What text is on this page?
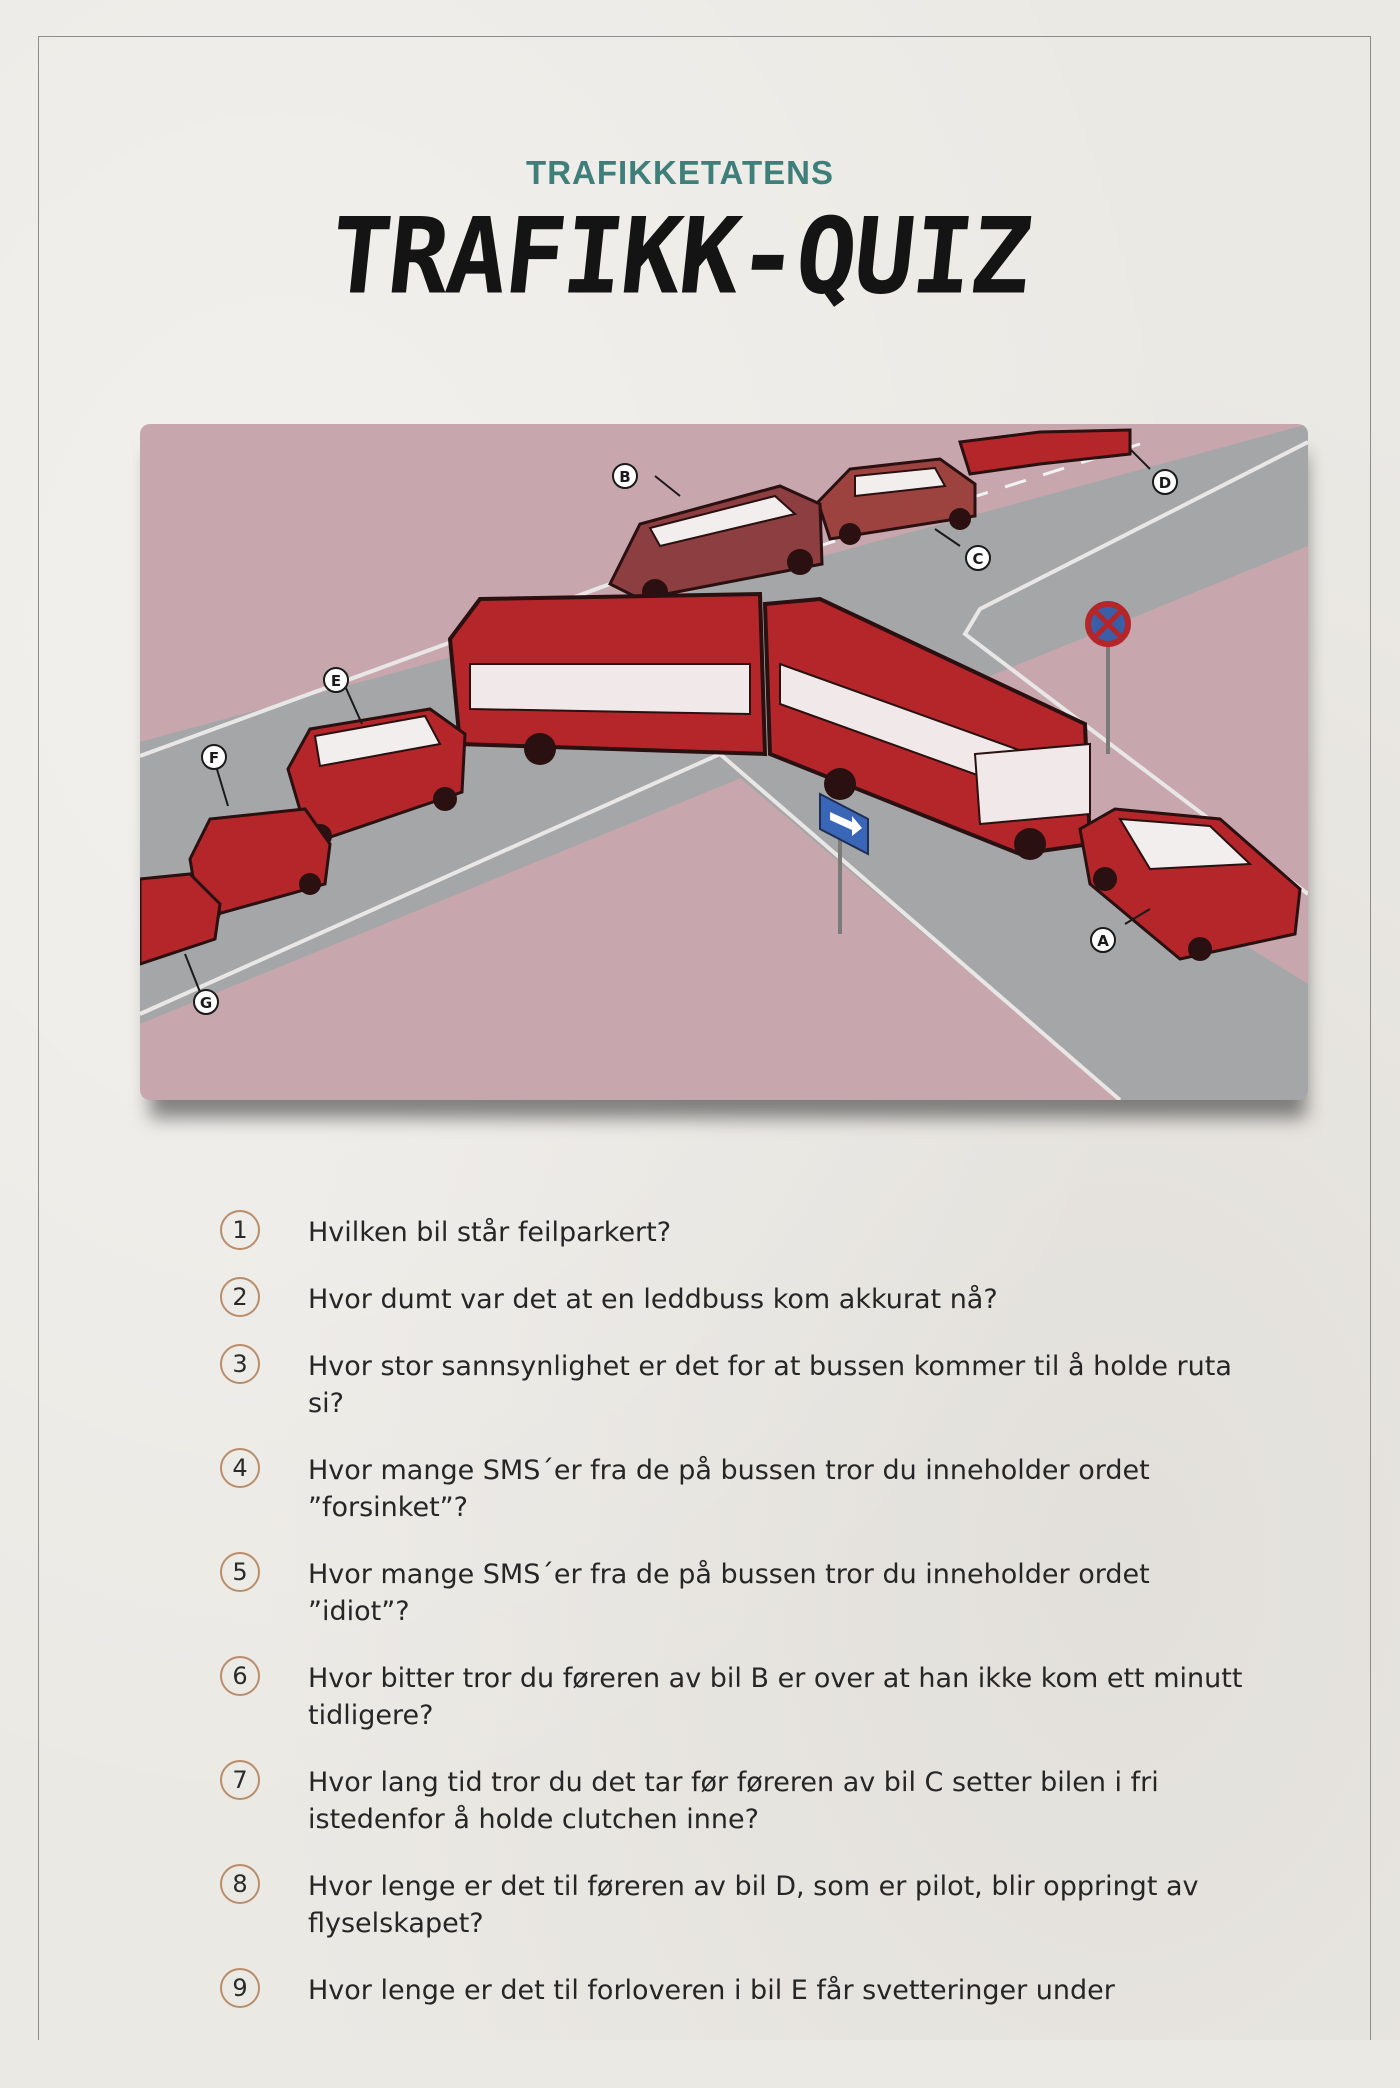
TRAFIKKETATENS
TRAFIKK-QUIZ
A
B
C
D
E
F
G
1	Hvilken bil står feilparkert?
2	Hvor dumt var det at en leddbuss kom akkurat nå?
3	Hvor stor sannsynlighet er det for at bussen kommer til å holde ruta si?
4	Hvor mange SMS´er fra de på bussen tror du inneholder ordet ”forsinket”?
5	Hvor mange SMS´er fra de på bussen tror du inneholder ordet ”idiot”?
6	Hvor bitter tror du føreren av bil B er over at han ikke kom ett minutt tidligere?
7	Hvor lang tid tror du det tar før føreren av bil C setter bilen i fri istedenfor å holde clutchen inne?
8	Hvor lenge er det til føreren av bil D, som er pilot, blir oppringt av flyselskapet?
9	Hvor lenge er det til forloveren i bil E får svetteringer under
